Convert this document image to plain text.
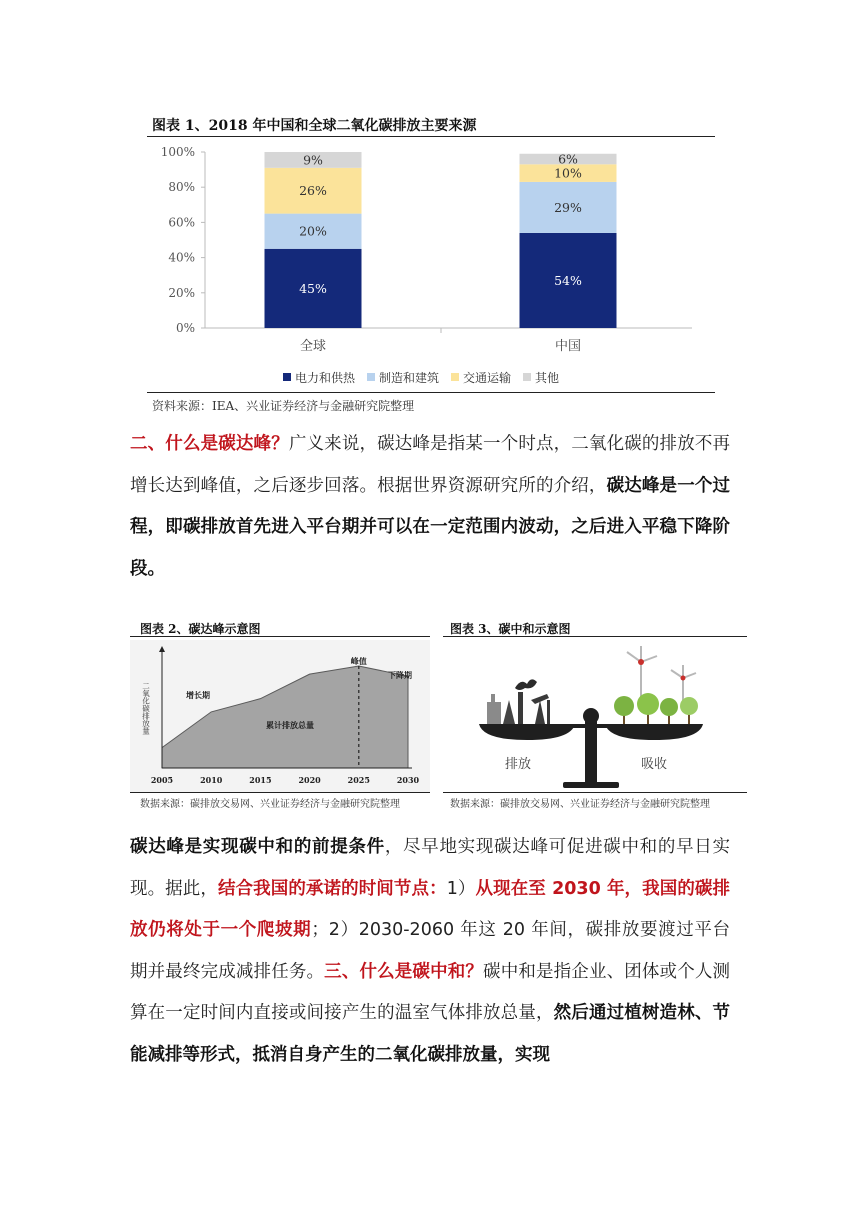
图表 1、2018 年中国和全球二氧化碳排放主要来源
0%
20%
40%
60%
80%
100%
45%
20%
26%
9%
54%
29%
10%
6%
全球	中国
电力和供热 制造和建筑 交通运输 其他
资料来源：IEA、兴业证券经济与金融研究院整理

二、什么是碳达峰？广义来说，碳达峰是指某一个时点，二氧化碳的排放不再增长达到峰值，之后逐步回落。根据世界资源研究所的介绍，碳达峰是一个过程，即碳排放首先进入平台期并可以在一定范围内波动，之后进入平稳下降阶段。

图表 2、碳达峰示意图
2005	2010	2015	2020	2025	2030
二氧化碳排放量	增长期
峰值
下降期
累计排放总量
数据来源：碳排放交易网、兴业证券经济与金融研究院整理
图表 3、碳中和示意图
排放	吸收
数据来源：碳排放交易网、兴业证券经济与金融研究院整理

碳达峰是实现碳中和的前提条件，尽早地实现碳达峰可促进碳中和的早日实现。据此，结合我国的承诺的时间节点：1）从现在至 2030 年，我国的碳排放仍将处于一个爬坡期；2）2030-2060 年这 20 年间，碳排放要渡过平台期并最终完成减排任务。三、什么是碳中和？碳中和是指企业、团体或个人测算在一定时间内直接或间接产生的温室气体排放总量，然后通过植树造林、节能减排等形式，抵消自身产生的二氧化碳排放量，实现
